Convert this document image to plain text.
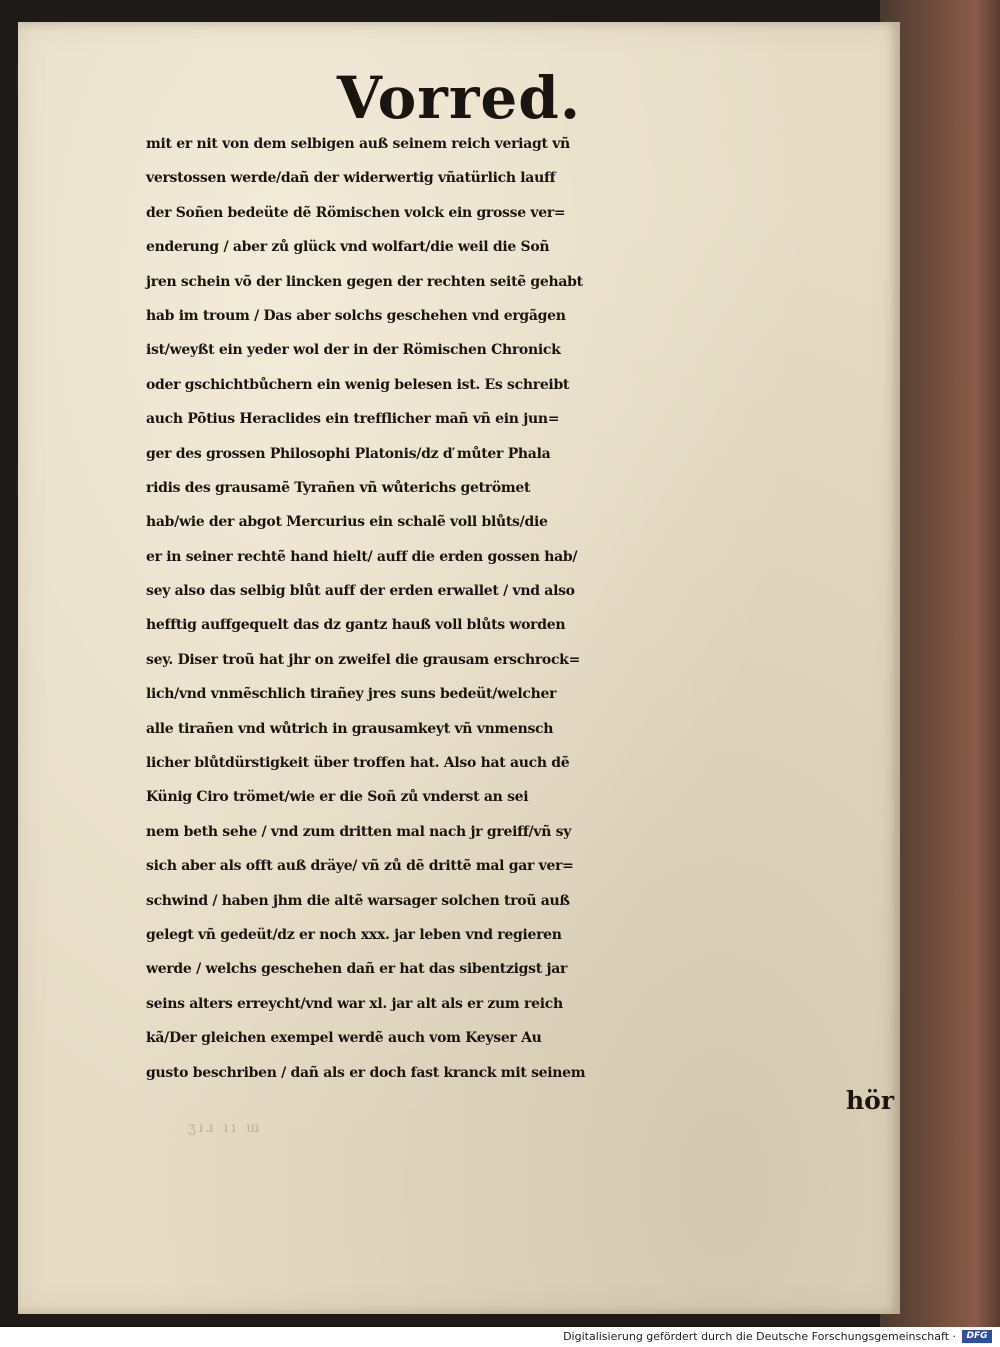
Vorred.
mit er nit von dem selbigen auß seinem reich veriagt vñ
verstossen werde/dañ der widerwertig vñatürlich lauff
der Soñen bedeüte dẽ Römischen volck ein grosse ver=
enderung / aber zů glück vnd wolfart/die weil die Soñ
jren schein võ der lincken gegen der rechten seitẽ gehabt
hab im troum / Das aber solchs geschehen vnd ergãgen
ist/weyßt ein yeder wol der in der Römischen Chronick
oder gschichtbůchern ein wenig belesen ist. Es schreibt
auch Põtius Heraclides ein trefflicher mañ vñ ein jun=
ger des grossen Philosophi Platonis/dz ď můter Phala
ridis des grausamẽ Tyrañen vñ wůterichs getrömet
hab/wie der abgot Mercurius ein schalẽ voll blůts/die
er in seiner rechtẽ hand hielt/ auff die erden gossen hab/
sey also das selbig blůt auff der erden erwallet / vnd also
hefftig auffgequelt das dz gantz hauß voll blůts worden
sey. Diser troũ hat jhr on zweifel die grausam erschrock=
lich/vnd vnmẽschlich tirañey jres suns bedeüt/welcher
alle tirañen vnd wůtrich in grausamkeyt vñ vnmensch
licher blůtdürstigkeit über troffen hat. Also hat auch dẽ
Künig Ciro trömet/wie er die Soñ zů vnderst an sei
nem beth sehe / vnd zum dritten mal nach jr greiff/vñ sy
sich aber als offt auß dräye/ vñ zů dẽ drittẽ mal gar ver=
schwind / haben jhm die altẽ warsager solchen troũ auß
gelegt vñ gedeüt/dz er noch xxx. jar leben vnd regieren
werde / welchs geschehen dañ er hat das sibentzigst jar
seins alters erreycht/vnd war xl. jar alt als er zum reich
kã/Der gleichen exempel werdẽ auch vom Keyser Au
gusto beschriben / dañ als er doch fast kranck mit seinem
ʒıɹ ıı ɯ
hör
Digitalisierung gefördert durch die Deutsche Forschungsgemeinschaft ·	DFG
